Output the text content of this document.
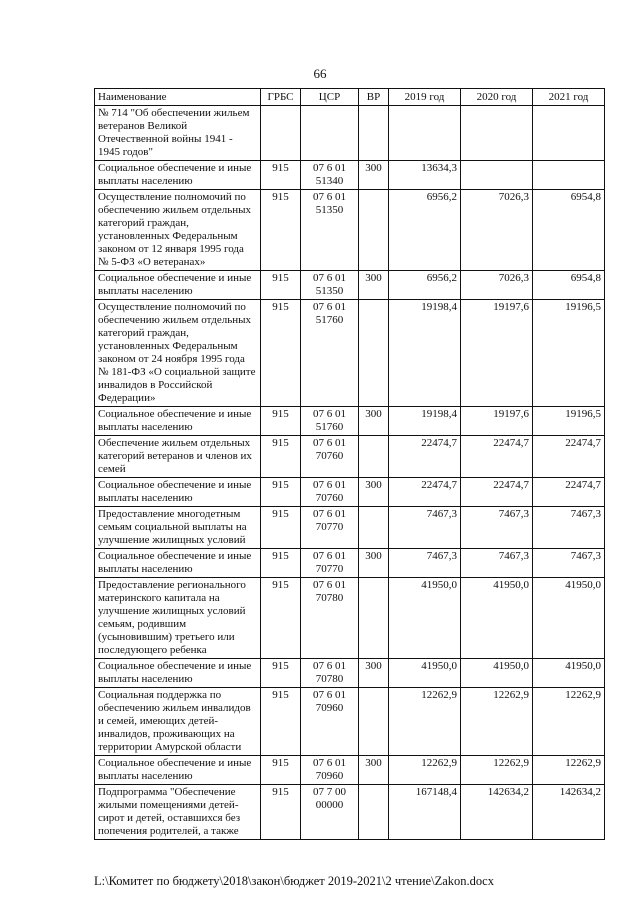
66
Наименование	ГРБС	ЦСР	ВР	2019 год	2020 год	2021 год
№ 714 "Об обеспечении жильем ветеранов Великой Отечественной войны 1941 - 1945 годов"						
Социальное обеспечение и иные выплаты населению	915	07 6 01 51340	300	13634,3		
Осуществление полномочий по обеспечению жильем отдельных категорий граждан, установленных Федеральным законом от 12 января 1995 года № 5-ФЗ «О ветеранах»	915	07 6 01 51350		6956,2	7026,3	6954,8
Социальное обеспечение и иные выплаты населению	915	07 6 01 51350	300	6956,2	7026,3	6954,8
Осуществление полномочий по обеспечению жильем отдельных категорий граждан, установленных Федеральным законом от 24 ноября 1995 года № 181-ФЗ «О социальной защите инвалидов в Российской Федерации»	915	07 6 01 51760		19198,4	19197,6	19196,5
Социальное обеспечение и иные выплаты населению	915	07 6 01 51760	300	19198,4	19197,6	19196,5
Обеспечение жильем отдельных категорий ветеранов и членов их семей	915	07 6 01 70760		22474,7	22474,7	22474,7
Социальное обеспечение и иные выплаты населению	915	07 6 01 70760	300	22474,7	22474,7	22474,7
Предоставление многодетным семьям социальной выплаты на улучшение жилищных условий	915	07 6 01 70770		7467,3	7467,3	7467,3
Социальное обеспечение и иные выплаты населению	915	07 6 01 70770	300	7467,3	7467,3	7467,3
Предоставление регионального материнского капитала на улучшение жилищных условий семьям, родившим (усыновившим) третьего или последующего ребенка	915	07 6 01 70780		41950,0	41950,0	41950,0
Социальное обеспечение и иные выплаты населению	915	07 6 01 70780	300	41950,0	41950,0	41950,0
Социальная поддержка по обеспечению жильем инвалидов и семей, имеющих детей-инвалидов, проживающих на территории Амурской области	915	07 6 01 70960		12262,9	12262,9	12262,9
Социальное обеспечение и иные выплаты населению	915	07 6 01 70960	300	12262,9	12262,9	12262,9
Подпрограмма "Обеспечение жилыми помещениями детей-сирот и детей, оставшихся без попечения родителей, а также	915	07 7 00 00000		167148,4	142634,2	142634,2
L:\Комитет по бюджету\2018\закон\бюджет 2019-2021\2 чтение\Zakon.docx
